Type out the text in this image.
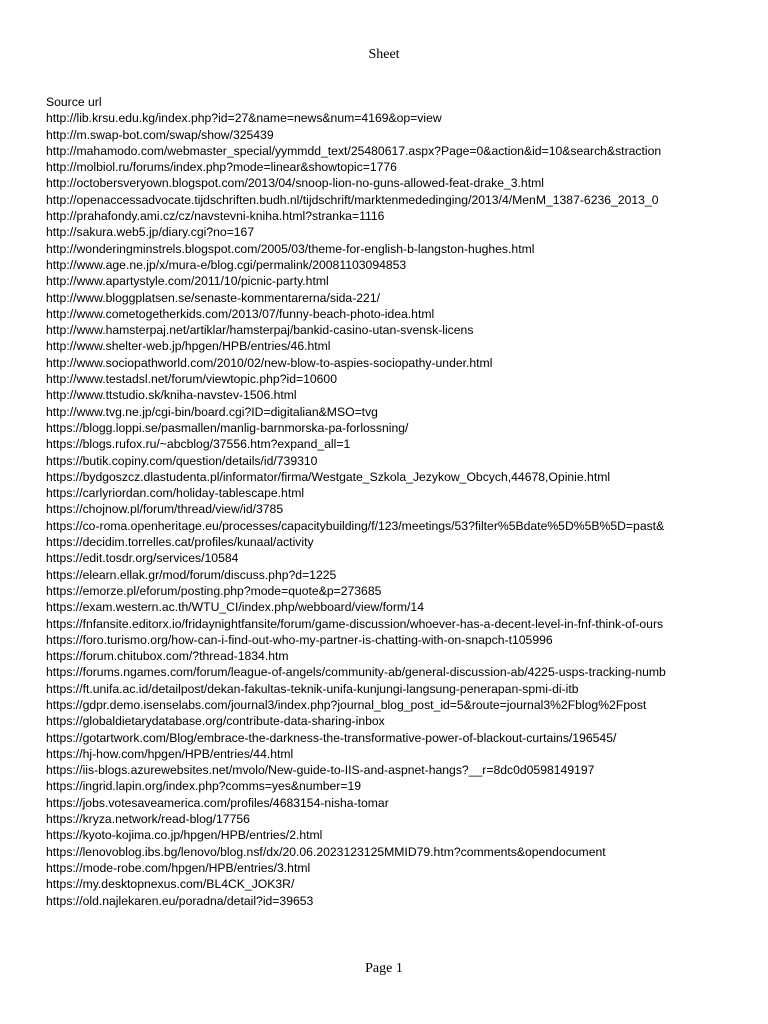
Sheet
Source url
http://lib.krsu.edu.kg/index.php?id=27&name=news&num=4169&op=view
http://m.swap-bot.com/swap/show/325439
http://mahamodo.com/webmaster_special/yymmdd_text/25480617.aspx?Page=0&action&id=10&search&straction
http://molbiol.ru/forums/index.php?mode=linear&showtopic=1776
http://octobersveryown.blogspot.com/2013/04/snoop-lion-no-guns-allowed-feat-drake_3.html
http://openaccessadvocate.tijdschriften.budh.nl/tijdschrift/marktenmededinging/2013/4/MenM_1387-6236_2013_0
http://prahafondy.ami.cz/cz/navstevni-kniha.html?stranka=1116
http://sakura.web5.jp/diary.cgi?no=167
http://wonderingminstrels.blogspot.com/2005/03/theme-for-english-b-langston-hughes.html
http://www.age.ne.jp/x/mura-e/blog.cgi/permalink/20081103094853
http://www.apartystyle.com/2011/10/picnic-party.html
http://www.bloggplatsen.se/senaste-kommentarerna/sida-221/
http://www.cometogetherkids.com/2013/07/funny-beach-photo-idea.html
http://www.hamsterpaj.net/artiklar/hamsterpaj/bankid-casino-utan-svensk-licens
http://www.shelter-web.jp/hpgen/HPB/entries/46.html
http://www.sociopathworld.com/2010/02/new-blow-to-aspies-sociopathy-under.html
http://www.testadsl.net/forum/viewtopic.php?id=10600
http://www.ttstudio.sk/kniha-navstev-1506.html
http://www.tvg.ne.jp/cgi-bin/board.cgi?ID=digitalian&MSO=tvg
https://blogg.loppi.se/pasmallen/manlig-barnmorska-pa-forlossning/
https://blogs.rufox.ru/~abcblog/37556.htm?expand_all=1
https://butik.copiny.com/question/details/id/739310
https://bydgoszcz.dlastudenta.pl/informator/firma/Westgate_Szkola_Jezykow_Obcych,44678,Opinie.html
https://carlyriordan.com/holiday-tablescape.html
https://chojnow.pl/forum/thread/view/id/3785
https://co-roma.openheritage.eu/processes/capacitybuilding/f/123/meetings/53?filter%5Bdate%5D%5B%5D=past&
https://decidim.torrelles.cat/profiles/kunaal/activity
https://edit.tosdr.org/services/10584
https://elearn.ellak.gr/mod/forum/discuss.php?d=1225
https://emorze.pl/eforum/posting.php?mode=quote&p=273685
https://exam.western.ac.th/WTU_CI/index.php/webboard/view/form/14
https://fnfansite.editorx.io/fridaynightfansite/forum/game-discussion/whoever-has-a-decent-level-in-fnf-think-of-ours
https://foro.turismo.org/how-can-i-find-out-who-my-partner-is-chatting-with-on-snapch-t105996
https://forum.chitubox.com/?thread-1834.htm
https://forums.ngames.com/forum/league-of-angels/community-ab/general-discussion-ab/4225-usps-tracking-numb
https://ft.unifa.ac.id/detailpost/dekan-fakultas-teknik-unifa-kunjungi-langsung-penerapan-spmi-di-itb
https://gdpr.demo.isenselabs.com/journal3/index.php?journal_blog_post_id=5&route=journal3%2Fblog%2Fpost
https://globaldietarydatabase.org/contribute-data-sharing-inbox
https://gotartwork.com/Blog/embrace-the-darkness-the-transformative-power-of-blackout-curtains/196545/
https://hj-how.com/hpgen/HPB/entries/44.html
https://iis-blogs.azurewebsites.net/mvolo/New-guide-to-IIS-and-aspnet-hangs?__r=8dc0d0598149197
https://ingrid.lapin.org/index.php?comms=yes&number=19
https://jobs.votesaveamerica.com/profiles/4683154-nisha-tomar
https://kryza.network/read-blog/17756
https://kyoto-kojima.co.jp/hpgen/HPB/entries/2.html
https://lenovoblog.ibs.bg/lenovo/blog.nsf/dx/20.06.2023123125MMID79.htm?comments&opendocument
https://mode-robe.com/hpgen/HPB/entries/3.html
https://my.desktopnexus.com/BL4CK_JOK3R/
https://old.najlekaren.eu/poradna/detail?id=39653
Page 1
